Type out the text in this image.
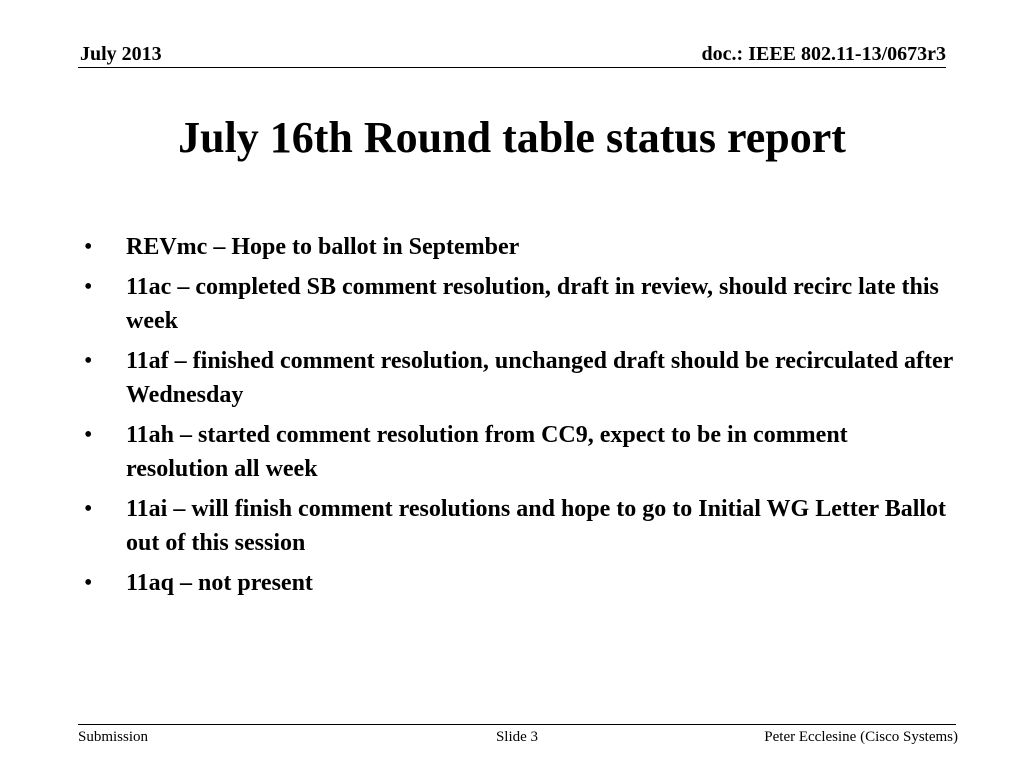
July 2013	doc.: IEEE 802.11-13/0673r3
July 16th Round table status report
• REVmc – Hope to ballot in September
• 11ac – completed SB comment resolution, draft in review, should recirc late this week
• 11af – finished comment resolution, unchanged draft should be recirculated after Wednesday
• 11ah – started comment resolution from CC9, expect to be in comment resolution all week
• 11ai – will finish comment resolutions and hope to go to Initial WG Letter Ballot out of this session
• 11aq – not present
Submission	Slide 3	Peter Ecclesine (Cisco Systems)
